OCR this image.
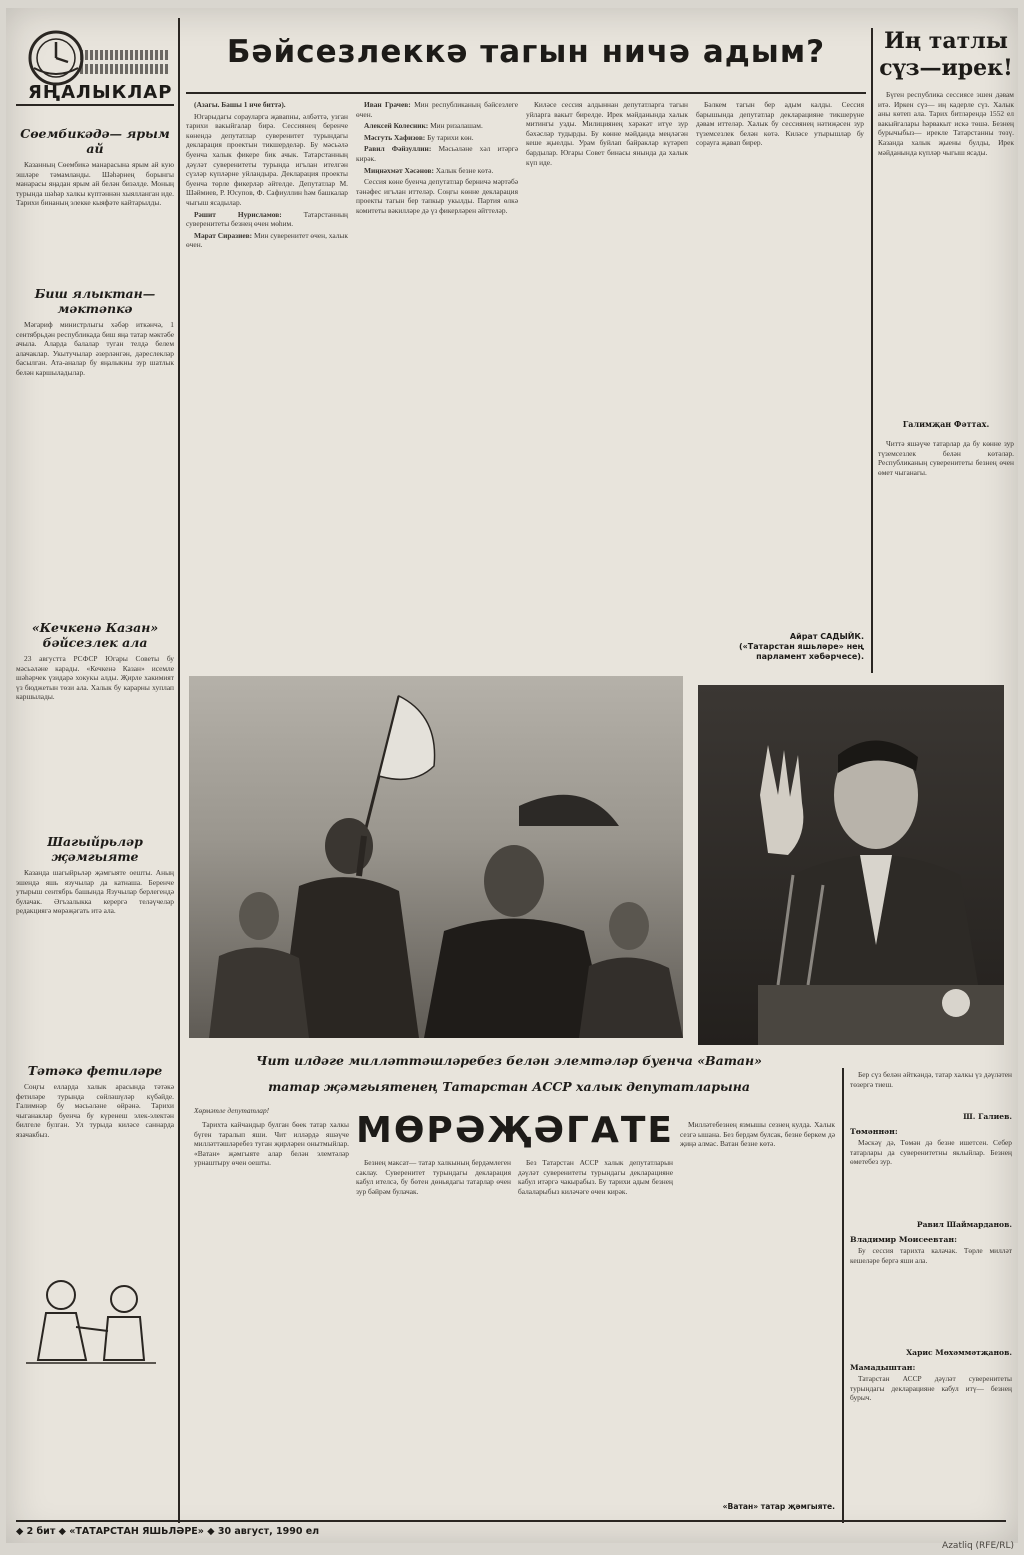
ЯҢАЛЫКЛАР
Сөембикәдә— ярым ай

Казанның Сөембикә манарасына ярым ай кую эшләре тәмамланды. Шәһәрнең борынгы манарасы яңадан ярым ай белән бизәлде. Моның турында шәһәр халкы күптәннән хыялланган иде. Тарихи бинаның элекке кыяфәте кайтарылды.

Биш ялыктан— мәктәпкә

Мәгариф министрлыгы хәбәр иткәнчә, 1 сентябрьдән республикада биш яңа татар мәктәбе ачыла. Аларда балалар туган телдә белем алачаклар. Укытучылар әзерләнгән, дәреслекләр басылган. Ата-аналар бу яңалыкны зур шатлык белән каршыладылар.

«Кечкенә Казан» бәйсезлек ала

23 августта РСФСР Югары Советы бу мәсьәләне карады. «Кечкенә Казан» исемле шәһәрчек үзидарә хокукы алды. Җирле хакимият үз бюджетын төзи ала. Халык бу карарны хуплап каршылады.

Шагыйрьләр җәмгыяте

Казанда шагыйрьләр җәмгыяте оешты. Аның эшендә яшь язучылар да катнаша. Беренче утырыш сентябрь башында Язучылар берлегендә булачак. Әгъзалыкка керергә теләүчеләр редакциягә мөрәҗәгать итә ала.

Тәтәкә фетиләре

Соңгы елларда халык арасында тәтәкә фетиләре турында сөйләшүләр күбәйде. Галимнәр бу мәсьәләне өйрәнә. Тарихи чыганаклар буенча бу күренеш элек-электән билгеле булган. Ул турыда киләсе саннарда язачакбыз.

Бәйсезлеккә тагын ничә адым?

(Азагы. Башы 1 нче биттә).

Югарыдагы сорауларга җавапны, әлбәттә, узган тарихи вакыйгалар бирә. Сессиянең беренче көнендә депутатлар суверенитет турындагы декларация проектын тикшерделәр. Бу мәсьәлә буенча халык фикере бик ачык. Татарстанның дәүләт суверенитеты турында игълан ителгән сүзләр күпләрне уйландыра. Декларация проекты буенча төрле фикерләр әйтелде. Депутатлар М. Шәймиев, Р. Юсупов, Ф. Сафиуллин һәм башкалар чыгыш ясадылар.

Рәшит Нурисламов:	Татарстанның суверенитеты безнең өчен мөһим.

Марат Сиразиев: Мин суверенитет өчен, халык өчен.

Иван Грачев: Мин республиканың бәйсезлеге өчен.

Алексей Колесник: Мин ризалашам.

Мәсгуть Хафизов: Бу тарихи көн.

Равил Фәйзуллин: Мәсьәләне хәл итәргә кирәк.

Миңнәхмәт Хәсәнов: Халык безне көтә.

Сессия көне буенча депутатлар берничә мәртәбә тәнәфес игълан иттеләр. Соңгы көнне декларация проекты тагын бер тапкыр укылды. Партия өлкә комитеты вәкилләре дә үз фикерләрен әйттеләр.

Киләсе сессия алдыннан депутатларга тагын уйларга вакыт бирелде. Ирек мәйданында халык митингы узды. Милициянең хәрәкәт итүе зур бәхәсләр тудырды. Бу көнне мәйданда меңләгән кеше җыелды. Урам буйлап байраклар күтәреп бардылар. Югары Совет бинасы янында да халык күп иде.

Бәлкем тагын бер адым калды. Сессия барышында депутатлар декларацияне тикшерүне дәвам иттеләр. Халык бу сессиянең нәтиҗәсен зур түземсезлек белән көтә. Киләсе утырышлар бу сорауга җавап бирер.

Айрат САДЫЙК.
(«Татарстан яшьләре» нең парламент хәбәрчесе).
Иң татлы сүз—ирек!

Бүген республика сессиясе эшен дәвам итә. Иркен сүз— иң кадерле сүз. Халык аны көтеп ала. Тарих битләрендә 1552 ел вакыйгалары һәрвакыт искә төшә. Безнең бурычыбыз— ирекле Татарстанны төзү. Казанда халык җыены булды, Ирек мәйданында күпләр чыгыш ясады.

Галимҗан Фәттах.

Читтә яшәүче татарлар да бу көнне зур түземсезлек белән көтәләр. Республиканың суверенитеты безнең өчен өмет чыганагы.

Чит илдәге милләттәшләребез белән элемтәләр буенча «Ватан»
татар җәмгыятенең Татарстан АССР халык депутатларына
Хөрмәтле депутатлар!	МӨРӘҖӘГАТЕ

Тарихта кайчандыр булган бөек татар халкы бүген таралып яши. Чит илләрдә яшәүче милләттәшләребез туган җирләрен онытмыйлар. «Ватан» җәмгыяте алар белән элемтәләр урнаштыру өчен оешты.	Безнең максат— татар халкының бердәмлеген саклау. Суверенитет турындагы декларация кабул ителсә, бу бөтен дөньядагы татарлар өчен зур бәйрәм булачак.

Без Татарстан АССР халык депутатларын дәүләт суверенитеты турындагы декларацияне кабул итәргә чакырабыз. Бу тарихи адым безнең балаларыбыз киләчәге өчен кирәк.

Милләтебезнең язмышы сезнең кулда. Халык сезгә ышана. Без бердәм булсак, безне беркем дә җиңә алмас. Ватан безне көтә.

«Ватан» татар җәмгыяте.

Бер сүз белән әйткәндә, татар халкы үз дәүләтен төзергә тиеш.

Ш. Галиев.
Төмәннән:

Мәскәү дә, Төмән дә безне ишетсен. Себер татарлары да суверенитетны яклыйлар. Безнең өметебез зур.

Равил Шаймарданов.
Владимир Моисеевтан:

Бу сессия тарихта калачак. Төрле милләт кешеләре бергә яши ала.

Харис Мөхәммәтҗанов.
Мамадыштан:

Татарстан АССР дәүләт суверенитеты турындагы декларацияне кабул итү— безнең бурыч.

◆ 2 бит ◆ «ТАТАРСТАН ЯШЬЛӘРЕ» ◆ 30 август, 1990 ел
Azatliq (RFE/RL)
